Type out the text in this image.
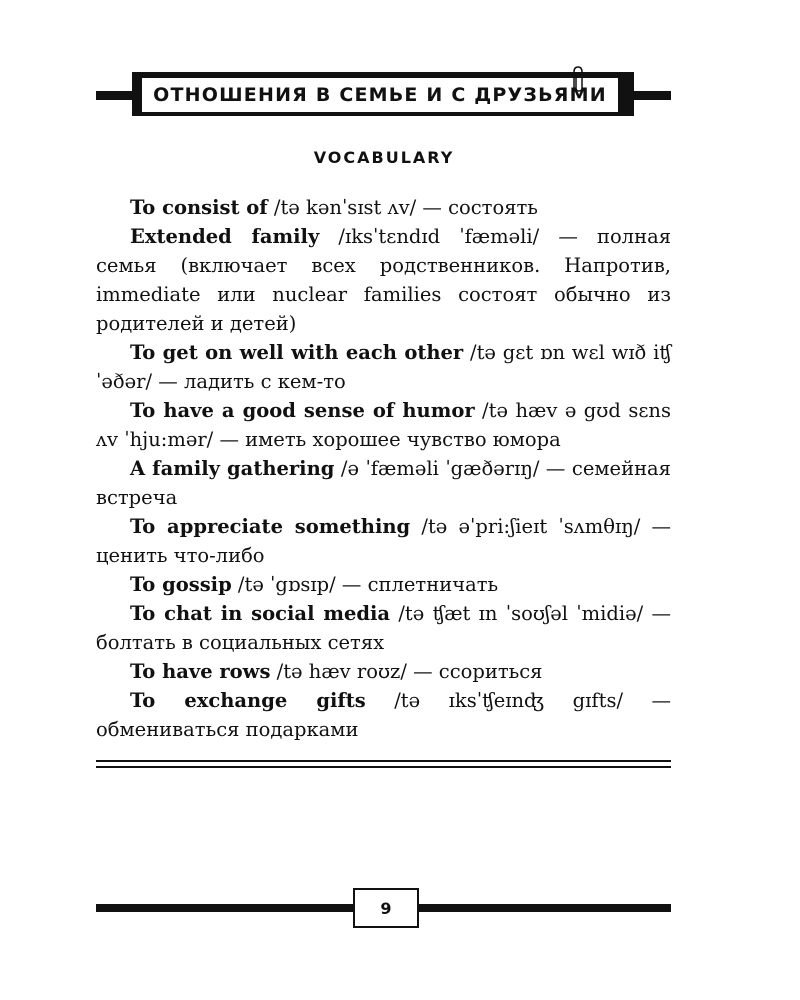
ОТНОШЕНИЯ В СЕМЬЕ И С ДРУЗЬЯМИ
VOCABULARY

To consist of /tə kənˈsɪst ʌv/ — состоять

Extended family /ɪksˈtɛndɪd ˈfæməli/ — полная семья (включает всех родственников. Напротив, immediate или nuclear families состоят обычно из родителей и детей)

To get on well with each other /tə gɛt ɒn wɛl wɪð iʧ ˈəðər/ — ладить с кем-то

To have a good sense of humor /tə hæv ə gʊd sɛns ʌv ˈhju:mər/ — иметь хорошее чувство юмора

A family gathering /ə ˈfæməli ˈgæðərɪŋ/ — семейная встреча

To appreciate something /tə əˈpri:ʃieɪt ˈsʌmθɪŋ/ — ценить что-либо

To gossip /tə ˈgɒsɪp/ — сплетничать

To chat in social media /tə ʧæt ɪn ˈsoʊʃəl ˈmidiə/ — болтать в социальных сетях

To have rows /tə hæv roʊz/ — ссориться

To exchange gifts /tə ɪksˈʧeɪnʤ gɪfts/ — обмениваться подарками

9
